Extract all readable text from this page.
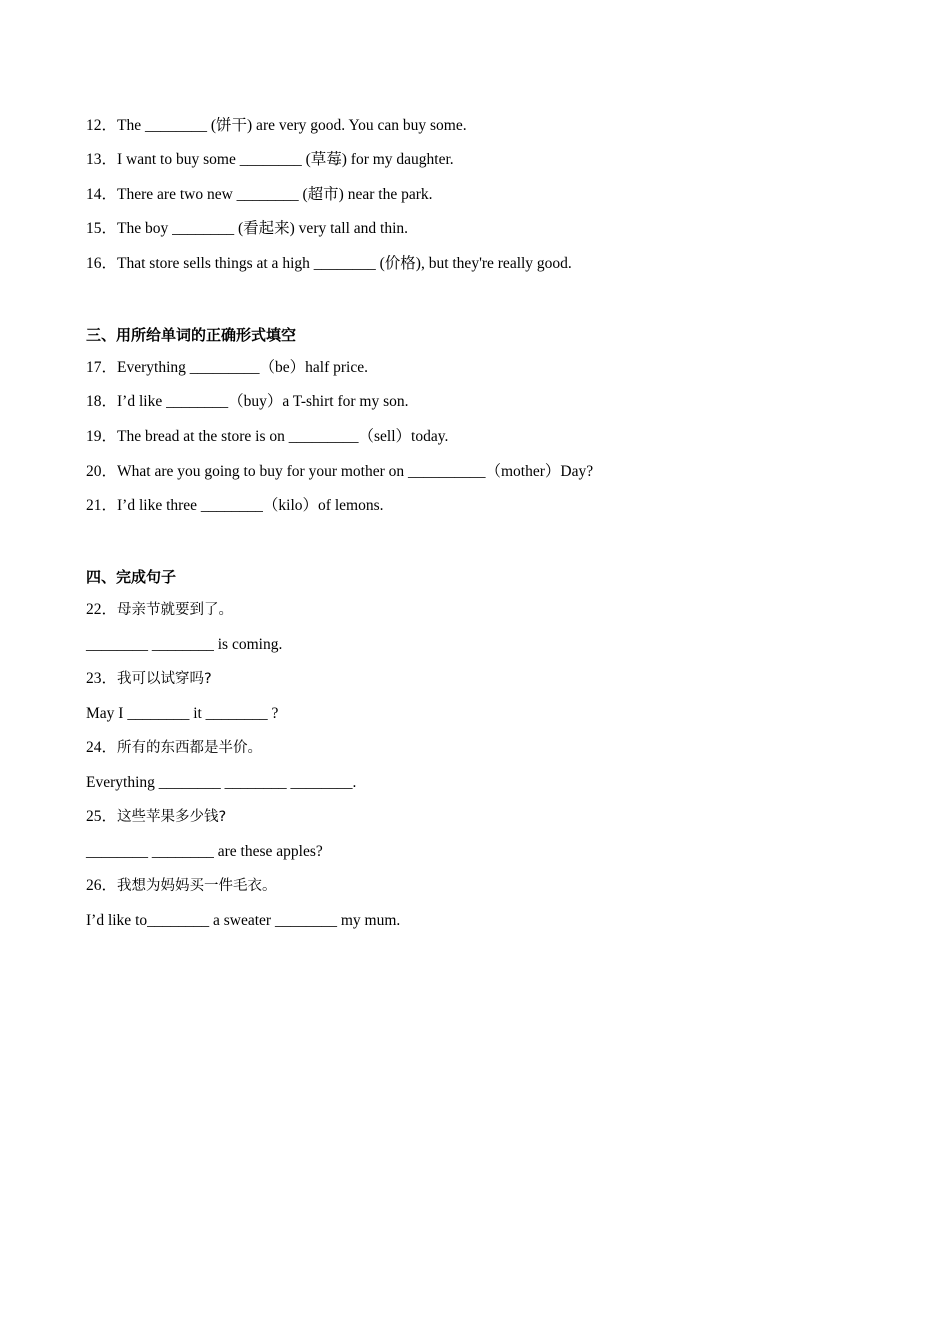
12．The ________ (饼干) are very good. You can buy some.
13．I want to buy some ________ (草莓) for my daughter.
14．There are two new ________ (超市) near the park.
15．The boy ________ (看起来) very tall and thin.
16．That store sells things at a high ________ (价格), but they're really good.
三、用所给单词的正确形式填空
17．Everything _________（be）half price.
18．I’d like ________（buy）a T-shirt for my son.
19．The bread at the store is on _________（sell）today.
20．What are you going to buy for your mother on __________（mother）Day?
21．I’d like three ________（kilo）of lemons.
四、完成句子
22．母亲节就要到了。
________ ________ is coming.
23．我可以试穿吗?
May I ________ it ________ ?
24．所有的东西都是半价。
Everything ________ ________ ________.
25．这些苹果多少钱?
________ ________ are these apples?
26．我想为妈妈买一件毛衣。
I’d like to________ a sweater ________ my mum.
